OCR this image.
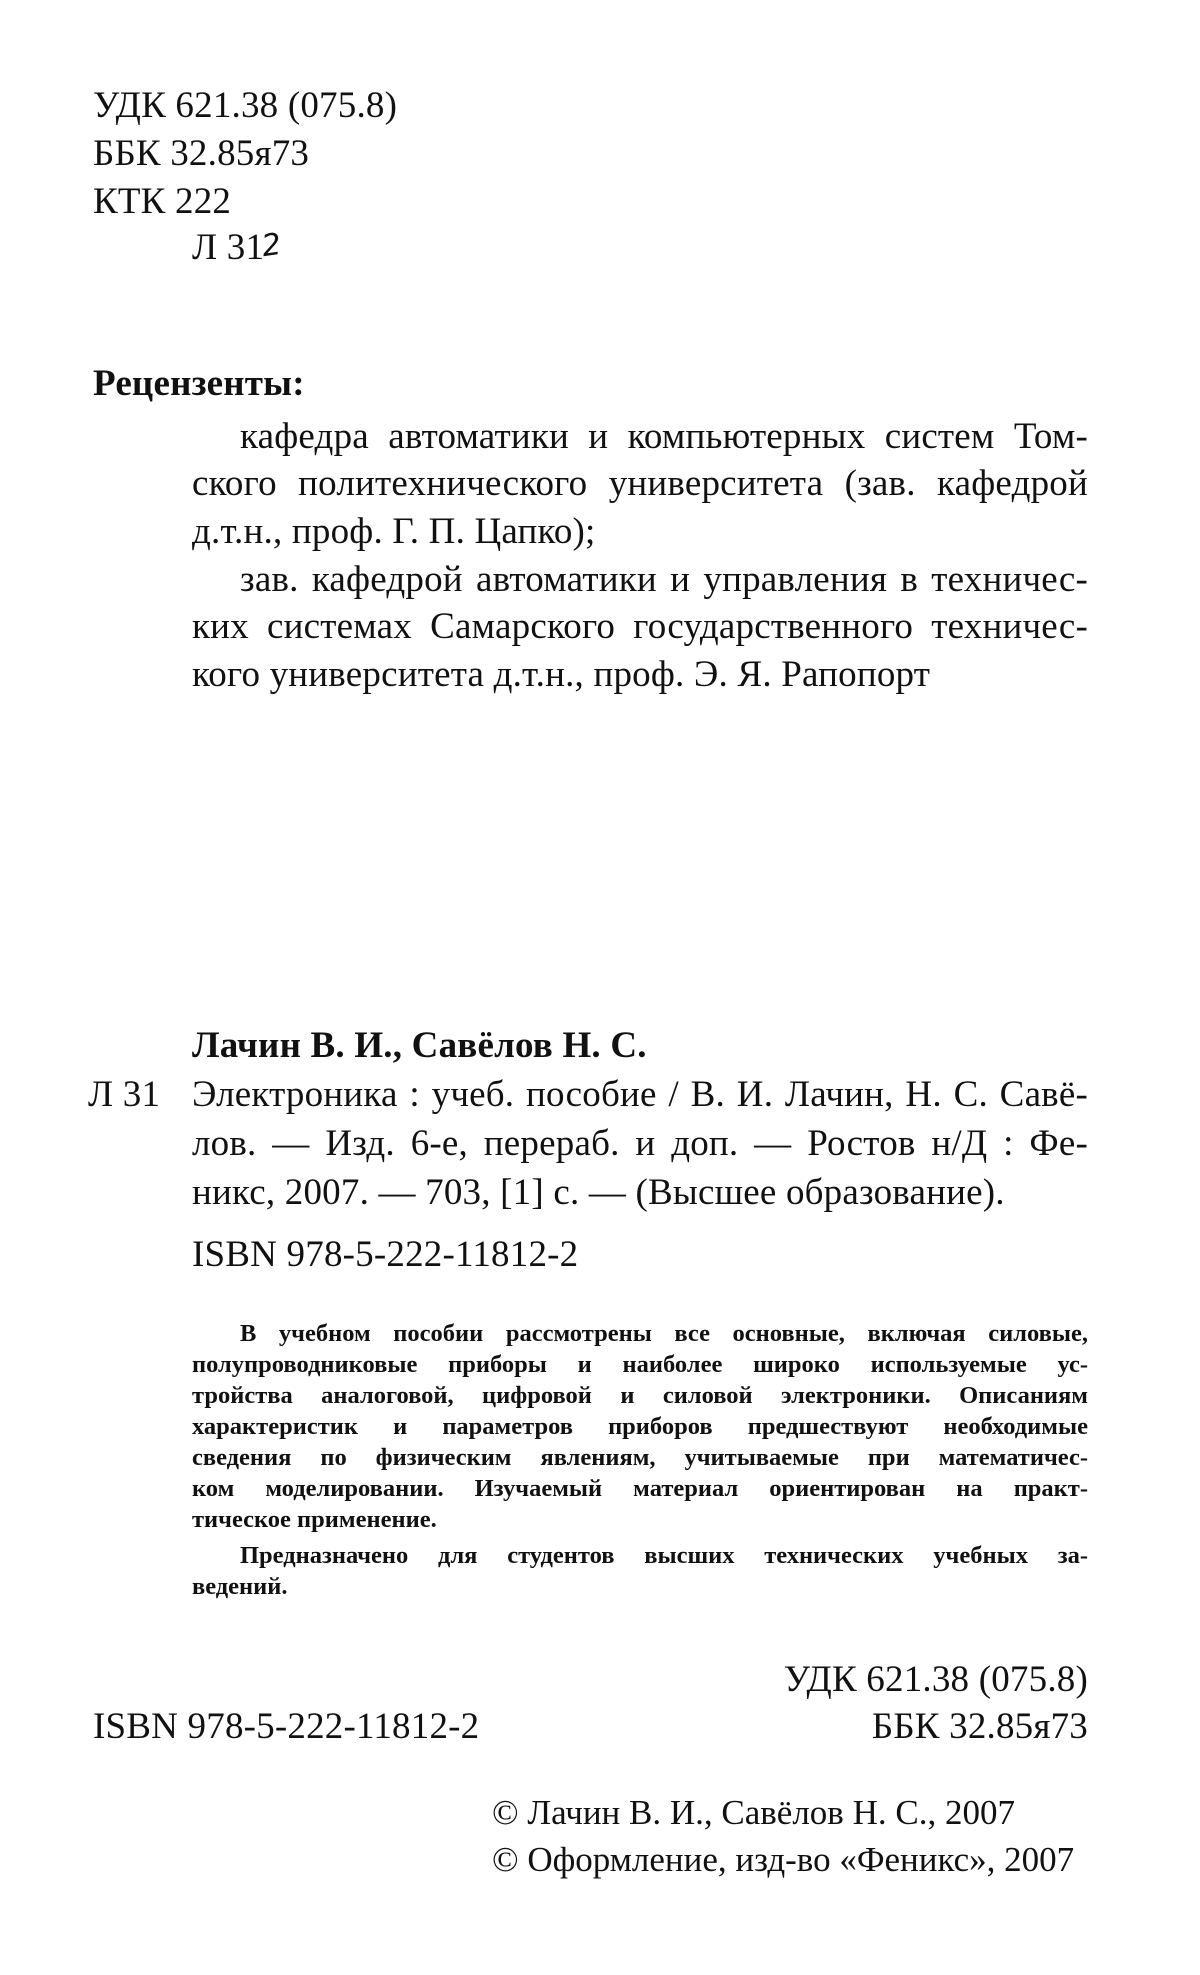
УДК 621.38 (075.8)
ББК 32.85я73
КТК 222
Л 312
Рецензенты:
кафедра автоматики и компьютерных систем Том-
ского политехнического университета (зав. кафедрой
д.т.н., проф. Г. П. Цапко);
зав. кафедрой автоматики и управления в техничес-
ких системах Самарского государственного техничес-
кого университета д.т.н., проф. Э. Я. Рапопорт
Лачин В. И., Савёлов Н. С.
Л 31 Электроника : учеб. пособие / В. И. Лачин, Н. С. Савё-
лов. — Изд. 6-е, перераб. и доп. — Ростов н/Д : Фе-
никс, 2007. — 703, [1] с. — (Высшее образование).
ISBN 978-5-222-11812-2
В учебном пособии рассмотрены все основные, включая силовые,
полупроводниковые приборы и наиболее широко используемые ус-
тройства аналоговой, цифровой и силовой электроники. Описаниям
характеристик и параметров приборов предшествуют необходимые
сведения по физическим явлениям, учитываемые при математичес-
ком моделировании. Изучаемый материал ориентирован на практ-
тическое применение.
Предназначено для студентов высших технических учебных за-
ведений.
УДК 621.38 (075.8)
ISBN 978-5-222-11812-2	ББК 32.85я73
© Лачин В. И., Савёлов Н. С., 2007
© Оформление, изд-во «Феникс», 2007
